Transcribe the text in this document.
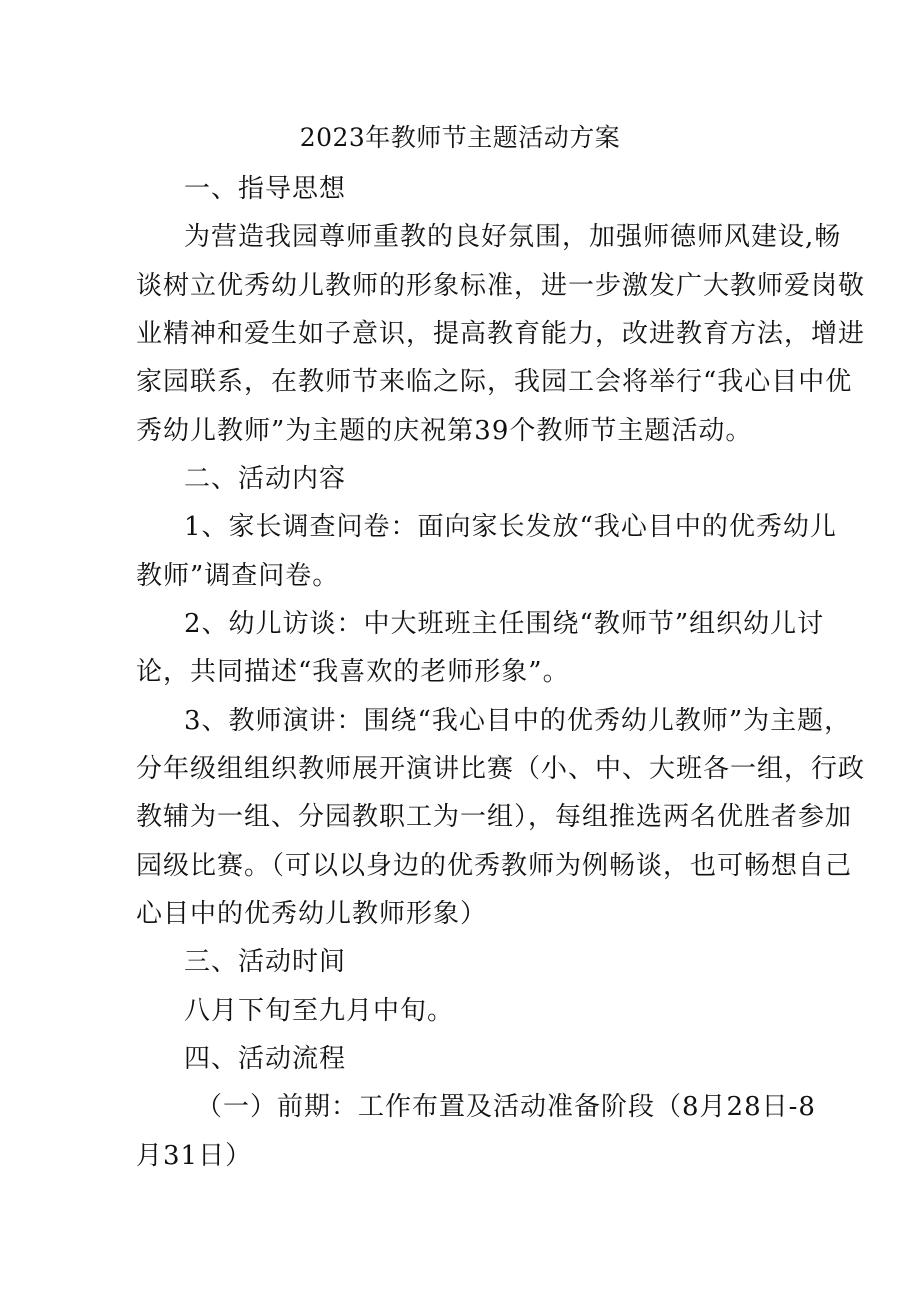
2023年教师节主题活动方案
一、指导思想
为营造我园尊师重教的良好氛围，加强师德师风建设,畅
谈树立优秀幼儿教师的形象标准，进一步激发广大教师爱岗敬
业精神和爱生如子意识，提高教育能力，改进教育方法，增进
家园联系，在教师节来临之际，我园工会将举行“我心目中优
秀幼儿教师”为主题的庆祝第39个教师节主题活动。
二、活动内容
1、家长调查问卷：面向家长发放“我心目中的优秀幼儿
教师”调查问卷。
2、幼儿访谈：中大班班主任围绕“教师节”组织幼儿讨
论，共同描述“我喜欢的老师形象”。
3、教师演讲：围绕“我心目中的优秀幼儿教师”为主题，
分年级组组织教师展开演讲比赛（小、中、大班各一组，行政
教辅为一组、分园教职工为一组），每组推选两名优胜者参加
园级比赛。（可以以身边的优秀教师为例畅谈，也可畅想自己
心目中的优秀幼儿教师形象）
三、活动时间
八月下旬至九月中旬。
四、活动流程
（一）前期：工作布置及活动准备阶段（8月28日-8
月31日）
